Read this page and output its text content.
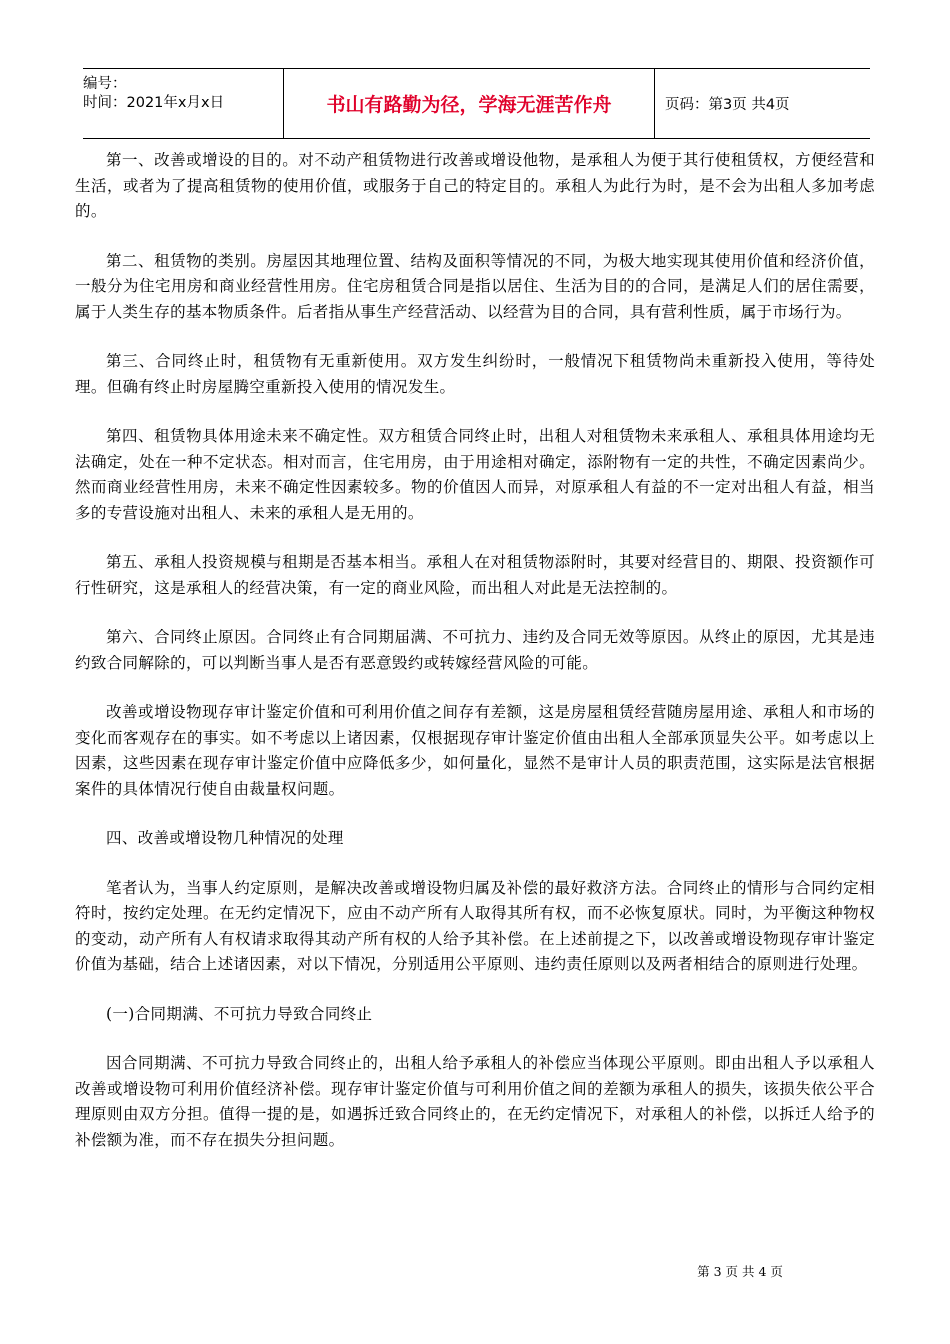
编号：
时间：2021年x月x日	书山有路勤为径，学海无涯苦作舟	页码：第3页 共4页

第一、改善或增设的目的。对不动产租赁物进行改善或增设他物，是承租人为便于其行使租赁权，方便经营和生活，或者为了提高租赁物的使用价值，或服务于自己的特定目的。承租人为此行为时，是不会为出租人多加考虑的。

第二、租赁物的类别。房屋因其地理位置、结构及面积等情况的不同，为极大地实现其使用价值和经济价值，一般分为住宅用房和商业经营性用房。住宅房租赁合同是指以居住、生活为目的的合同，是满足人们的居住需要，属于人类生存的基本物质条件。后者指从事生产经营活动、以经营为目的合同，具有营利性质，属于市场行为。

第三、合同终止时，租赁物有无重新使用。双方发生纠纷时，一般情况下租赁物尚未重新投入使用，等待处理。但确有终止时房屋腾空重新投入使用的情况发生。

第四、租赁物具体用途未来不确定性。双方租赁合同终止时，出租人对租赁物未来承租人、承租具体用途均无法确定，处在一种不定状态。相对而言，住宅用房，由于用途相对确定，添附物有一定的共性，不确定因素尚少。然而商业经营性用房，未来不确定性因素较多。物的价值因人而异，对原承租人有益的不一定对出租人有益，相当多的专营设施对出租人、未来的承租人是无用的。

第五、承租人投资规模与租期是否基本相当。承租人在对租赁物添附时，其要对经营目的、期限、投资额作可行性研究，这是承租人的经营决策，有一定的商业风险，而出租人对此是无法控制的。

第六、合同终止原因。合同终止有合同期届满、不可抗力、违约及合同无效等原因。从终止的原因，尤其是违约致合同解除的，可以判断当事人是否有恶意毁约或转嫁经营风险的可能。

改善或增设物现存审计鉴定价值和可利用价值之间存有差额，这是房屋租赁经营随房屋用途、承租人和市场的变化而客观存在的事实。如不考虑以上诸因素，仅根据现存审计鉴定价值由出租人全部承顶显失公平。如考虑以上因素，这些因素在现存审计鉴定价值中应降低多少，如何量化，显然不是审计人员的职责范围，这实际是法官根据案件的具体情况行使自由裁量权问题。

四、改善或增设物几种情况的处理

笔者认为，当事人约定原则，是解决改善或增设物归属及补偿的最好救济方法。合同终止的情形与合同约定相符时，按约定处理。在无约定情况下，应由不动产所有人取得其所有权，而不必恢复原状。同时，为平衡这种物权的变动，动产所有人有权请求取得其动产所有权的人给予其补偿。在上述前提之下，以改善或增设物现存审计鉴定价值为基础，结合上述诸因素，对以下情况，分别适用公平原则、违约责任原则以及两者相结合的原则进行处理。

(一)合同期满、不可抗力导致合同终止

因合同期满、不可抗力导致合同终止的，出租人给予承租人的补偿应当体现公平原则。即由出租人予以承租人改善或增设物可利用价值经济补偿。现存审计鉴定价值与可利用价值之间的差额为承租人的损失，该损失依公平合理原则由双方分担。值得一提的是，如遇拆迁致合同终止的，在无约定情况下，对承租人的补偿，以拆迁人给予的补偿额为准，而不存在损失分担问题。

第 3 页 共 4 页
